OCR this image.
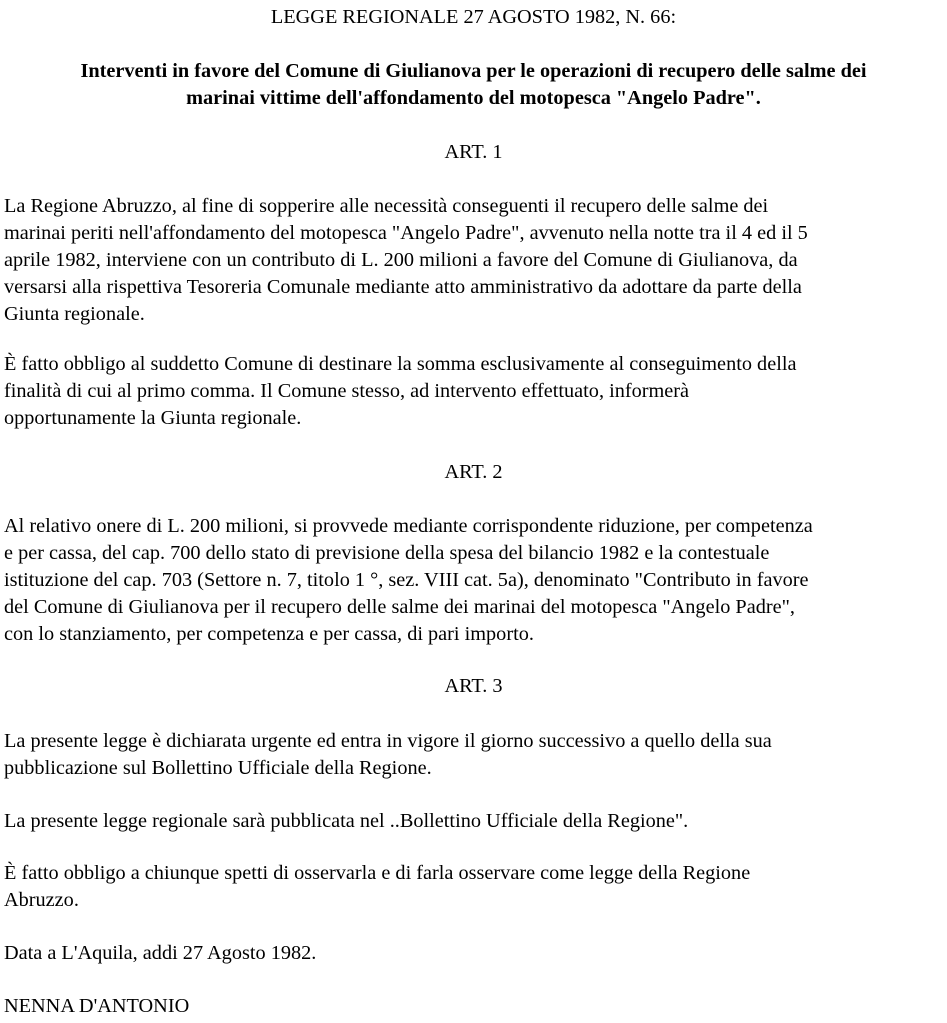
LEGGE REGIONALE 27 AGOSTO 1982, N. 66:
Interventi in favore del Comune di Giulianova per le operazioni di recupero delle salme dei
marinai vittime dell'affondamento del motopesca "Angelo Padre".
ART. 1
La Regione Abruzzo, al fine di sopperire alle necessità conseguenti il recupero delle salme dei
marinai periti nell'affondamento del motopesca "Angelo Padre", avvenuto nella notte tra il 4 ed il 5
aprile 1982, interviene con un contributo di L. 200 milioni a favore del Comune di Giulianova, da
versarsi alla rispettiva Tesoreria Comunale mediante atto amministrativo da adottare da parte della
Giunta regionale.
È fatto obbligo al suddetto Comune di destinare la somma esclusivamente al conseguimento della
finalità di cui al primo comma. Il Comune stesso, ad intervento effettuato, informerà
opportunamente la Giunta regionale.
ART. 2
Al relativo onere di L. 200 milioni, si provvede mediante corrispondente riduzione, per competenza
e per cassa, del cap. 700 dello stato di previsione della spesa del bilancio 1982 e la contestuale
istituzione del cap. 703 (Settore n. 7, titolo 1 °, sez. VIII cat. 5a), denominato "Contributo in favore
del Comune di Giulianova per il recupero delle salme dei marinai del motopesca "Angelo Padre",
con lo stanziamento, per competenza e per cassa, di pari importo.
ART. 3
La presente legge è dichiarata urgente ed entra in vigore il giorno successivo a quello della sua
pubblicazione sul Bollettino Ufficiale della Regione.
La presente legge regionale sarà pubblicata nel ..Bollettino Ufficiale della Regione".
È fatto obbligo a chiunque spetti di osservarla e di farla osservare come legge della Regione
Abruzzo.
Data a L'Aquila, addi 27 Agosto 1982.
NENNA D'ANTONIO
